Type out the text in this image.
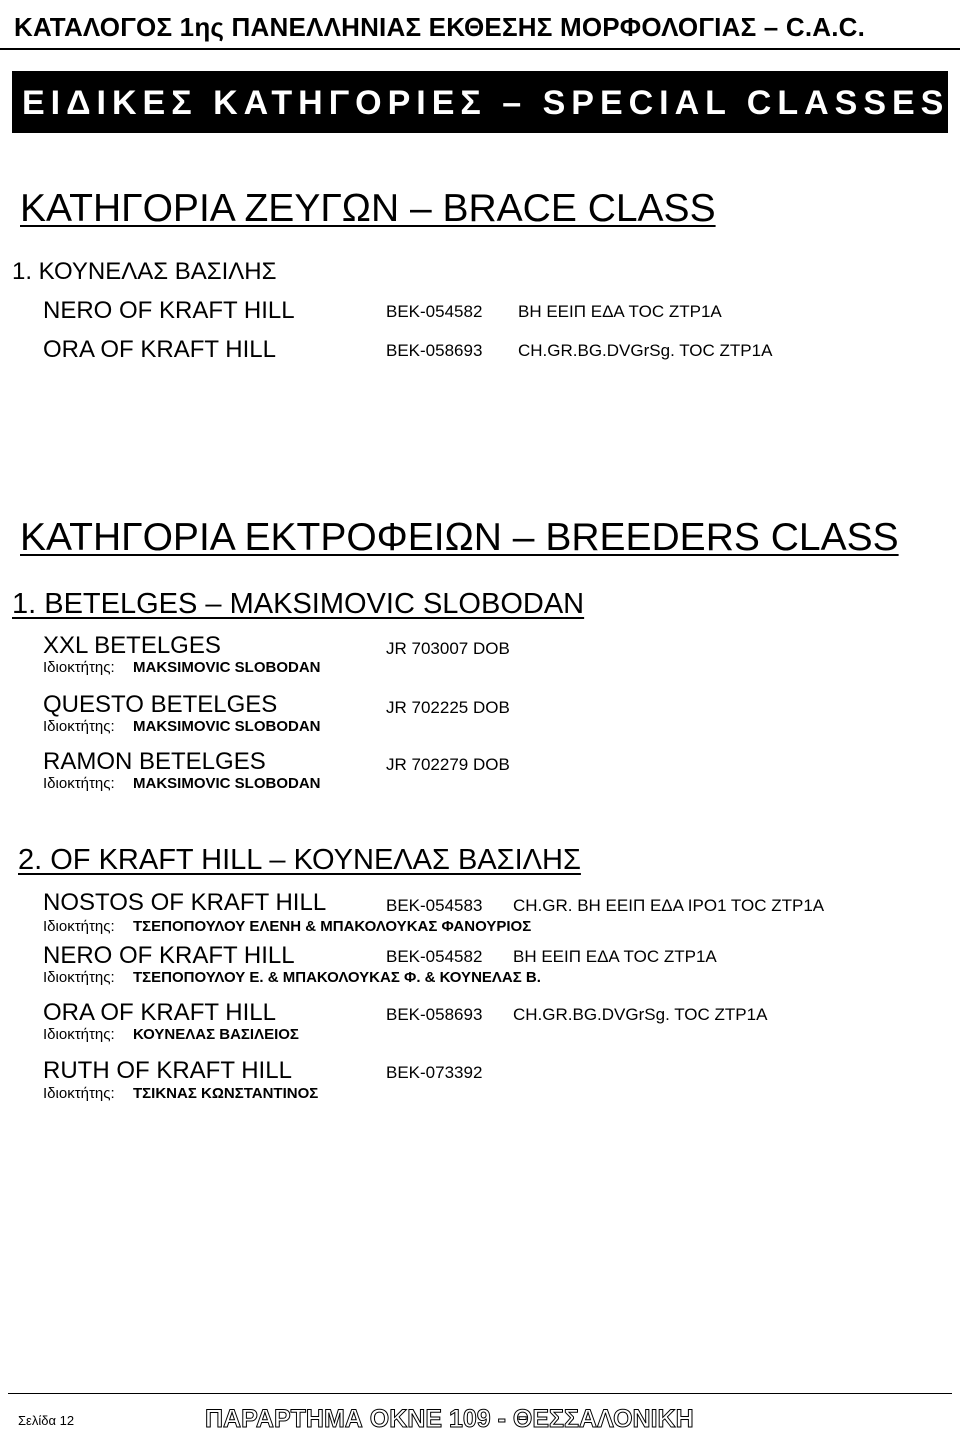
ΚΑΤΑΛΟΓΟΣ 1ης ΠΑΝΕΛΛΗΝΙΑΣ ΕΚΘΕΣΗΣ ΜΟΡΦΟΛΟΓΙΑΣ – C.A.C.
ΕΙΔΙΚΕΣ ΚΑΤΗΓΟΡΙΕΣ – SPECIAL CLASSES
ΚΑΤΗΓΟΡΙΑ ΖΕΥΓΩΝ – BRACE CLASS
1. ΚΟΥΝΕΛΑΣ ΒΑΣΙΛΗΣ
NERO OF KRAFT HILL	BEK-054582 ΒΗ ΕΕΙΠ ΕΔΑ TOC ZTP1A
ORA OF KRAFT HILL	BEK-058693 CH.GR.BG.DVGrSg. TOC ZTP1A
ΚΑΤΗΓΟΡΙΑ ΕΚΤΡΟΦΕΙΩΝ – BREEDERS CLASS
1. BETELGES – MAKSIMOVIC SLOBODAN
XXL BETELGES	JR 703007 DOB
Ιδιοκτήτης: MAKSIMOVIC SLOBODAN
QUESTO BETELGES	JR 702225 DOB
Ιδιοκτήτης: MAKSIMOVIC SLOBODAN
RAMON BETELGES	JR 702279 DOB
Ιδιοκτήτης: MAKSIMOVIC SLOBODAN
2. OF KRAFT HILL – ΚΟΥΝΕΛΑΣ ΒΑΣΙΛΗΣ
NOSTOS OF KRAFT HILL	BEK-054583 CH.GR. ΒΗ ΕΕΙΠ ΕΔΑ IPO1 TOC ZTP1A
Ιδιοκτήτης: ΤΣΕΠΟΠΟΥΛΟΥ ΕΛΕΝΗ & ΜΠΑΚΟΛΟΥΚΑΣ ΦΑΝΟΥΡΙΟΣ
NERO OF KRAFT HILL	BEK-054582 ΒΗ ΕΕΙΠ ΕΔΑ TOC ZTP1A
Ιδιοκτήτης: ΤΣΕΠΟΠΟΥΛΟΥ Ε. & ΜΠΑΚΟΛΟΥΚΑΣ Φ. & ΚΟΥΝΕΛΑΣ Β.
ORA OF KRAFT HILL	BEK-058693 CH.GR.BG.DVGrSg. TOC ZTP1A
Ιδιοκτήτης: ΚΟΥΝΕΛΑΣ ΒΑΣΙΛΕΙΟΣ
RUTH OF KRAFT HILL	BEK-073392
Ιδιοκτήτης: ΤΣΙΚΝΑΣ ΚΩΝΣΤΑΝΤΙΝΟΣ
Σελίδα 12	ΠΑΡΑΡΤΗΜΑ ΟΚΝΕ 109 - ΘΕΣΣΑΛΟΝΙΚΗ
